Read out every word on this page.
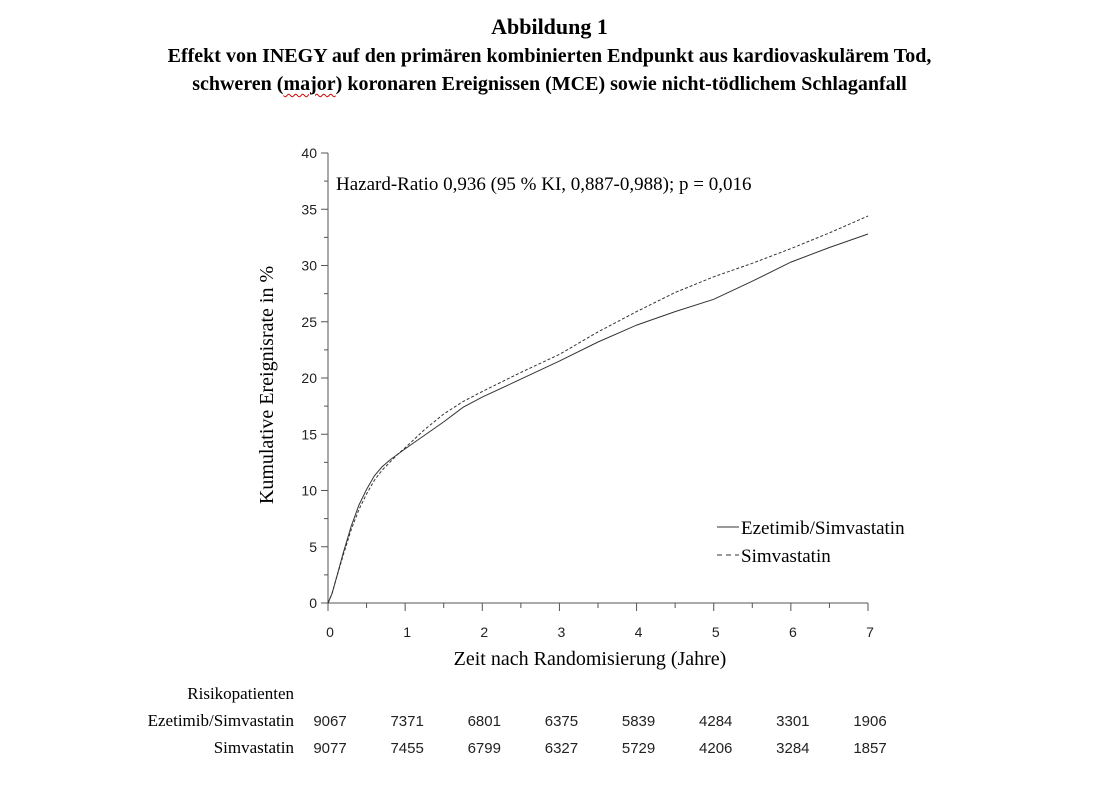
Abbildung 1
Effekt von INEGY auf den primären kombinierten Endpunkt aus kardiovaskulärem Tod,
schweren (major) koronaren Ereignissen (MCE) sowie nicht-tödlichem Schlaganfall
0
5
10
15
20
25
30
35
40
0	1	2	3	4	5	6	7
Hazard-Ratio 0,936 (95 % KI, 0,887-0,988); p = 0,016
Zeit nach Randomisierung (Jahre)
Kumulative Ereignisrate in %
Ezetimib/Simvastatin
Simvastatin
Risikopatienten
Ezetimib/Simvastatin	9067	7371	6801	6375	5839	4284	3301	1906
Simvastatin	9077	7455	6799	6327	5729	4206	3284	1857
